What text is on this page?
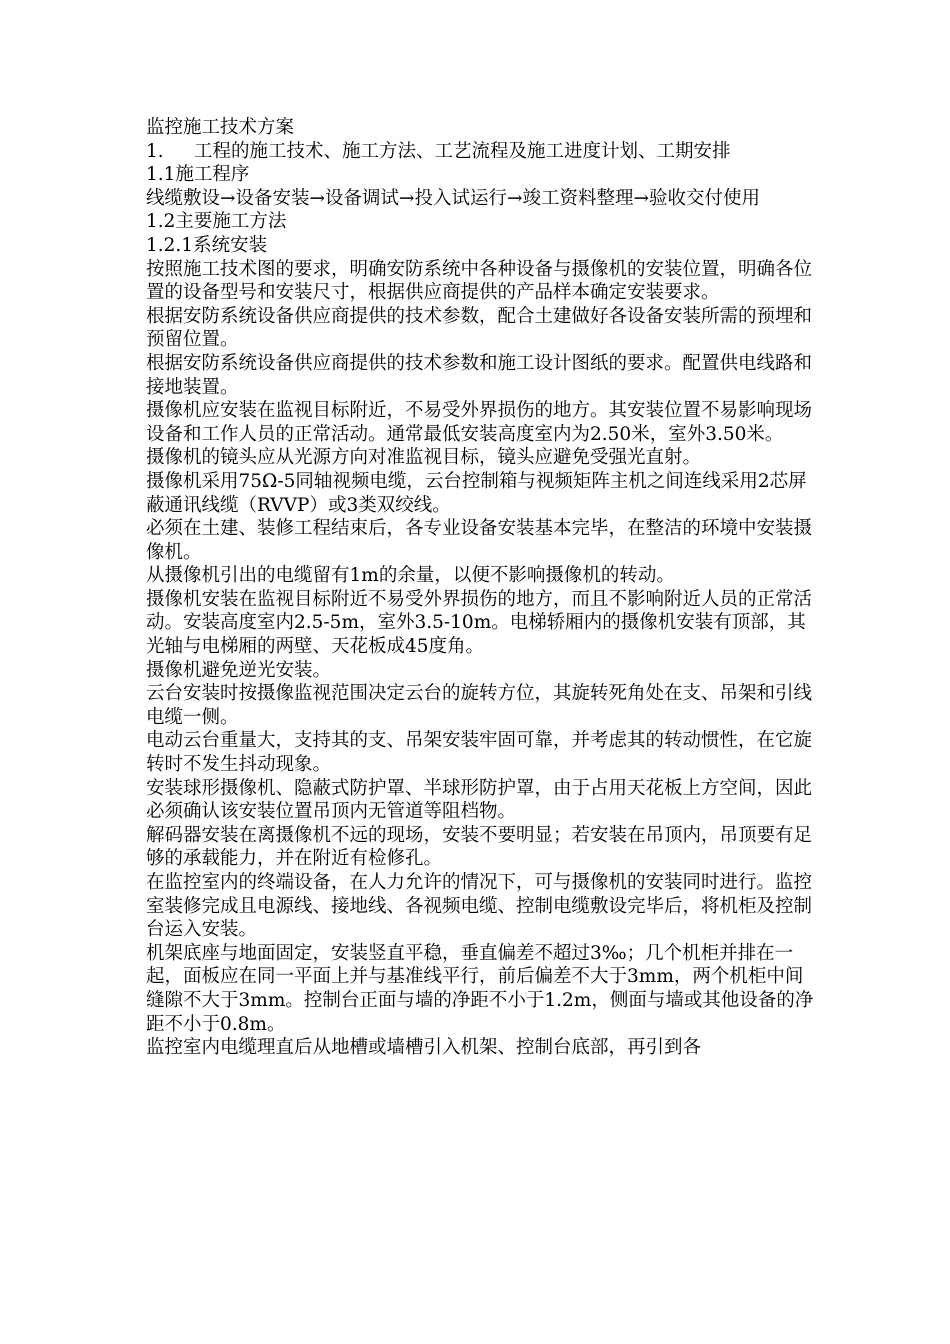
监控施工技术方案

1.	工程的施工技术、施工方法、工艺流程及施工进度计划、工期安排

1.1施工程序

线缆敷设→设备安装→设备调试→投入试运行→竣工资料整理→验收交付使用

1.2主要施工方法

1.2.1系统安装

按照施工技术图的要求，明确安防系统中各种设备与摄像机的安装位置，明确各位置的设备型号和安装尺寸，根据供应商提供的产品样本确定安装要求。

根据安防系统设备供应商提供的技术参数，配合土建做好各设备安装所需的预埋和预留位置。

根据安防系统设备供应商提供的技术参数和施工设计图纸的要求。配置供电线路和接地装置。

摄像机应安装在监视目标附近，不易受外界损伤的地方。其安装位置不易影响现场设备和工作人员的正常活动。通常最低安装高度室内为2.50米，室外3.50米。

摄像机的镜头应从光源方向对准监视目标，镜头应避免受强光直射。

摄像机采用75Ω-5同轴视频电缆，云台控制箱与视频矩阵主机之间连线采用2芯屏蔽通讯线缆（RVVP）或3类双绞线。

必须在土建、装修工程结束后，各专业设备安装基本完毕，在整洁的环境中安装摄像机。

从摄像机引出的电缆留有1m的余量，以便不影响摄像机的转动。

摄像机安装在监视目标附近不易受外界损伤的地方，而且不影响附近人员的正常活动。安装高度室内2.5-5m，室外3.5-10m。电梯轿厢内的摄像机安装有顶部，其光轴与电梯厢的两壁、天花板成45度角。

摄像机避免逆光安装。

云台安装时按摄像监视范围决定云台的旋转方位，其旋转死角处在支、吊架和引线电缆一侧。

电动云台重量大，支持其的支、吊架安装牢固可靠，并考虑其的转动惯性，在它旋转时不发生抖动现象。

安装球形摄像机、隐蔽式防护罩、半球形防护罩，由于占用天花板上方空间，因此必须确认该安装位置吊顶内无管道等阻档物。

解码器安装在离摄像机不远的现场，安装不要明显；若安装在吊顶内，吊顶要有足够的承载能力，并在附近有检修孔。

在监控室内的终端设备，在人力允许的情况下，可与摄像机的安装同时进行。监控室装修完成且电源线、接地线、各视频电缆、控制电缆敷设完毕后，将机柜及控制台运入安装。

机架底座与地面固定，安装竖直平稳，垂直偏差不超过3‰；几个机柜并排在一起，面板应在同一平面上并与基准线平行，前后偏差不大于3mm，两个机柜中间缝隙不大于3mm。控制台正面与墙的净距不小于1.2m，侧面与墙或其他设备的净距不小于0.8m。

监控室内电缆理直后从地槽或墙槽引入机架、控制台底部，再引到各
